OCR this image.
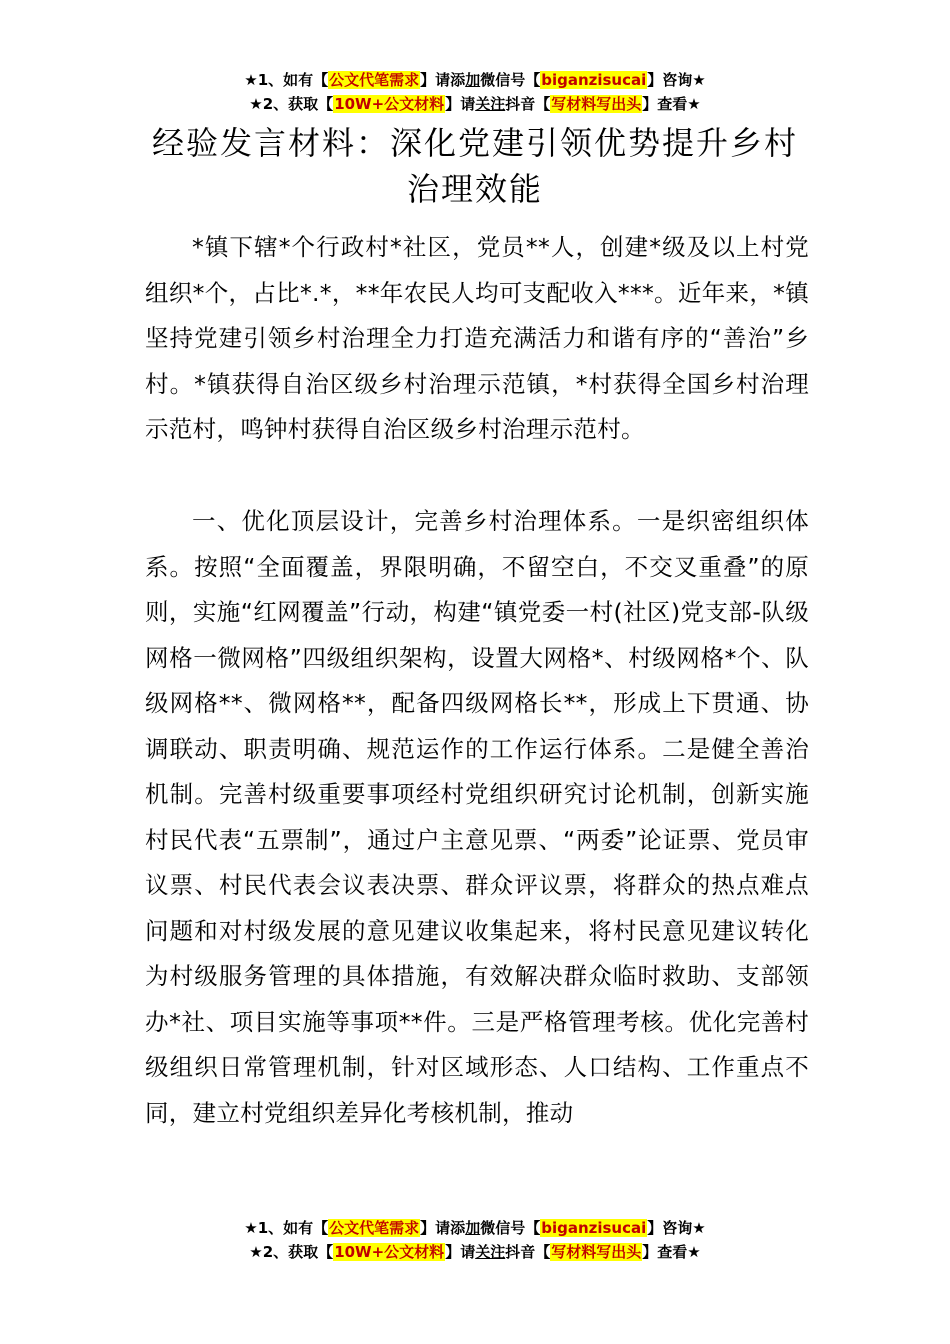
★1、如有【公文代笔需求】请添加微信号【biganzisucai】咨询★
★2、获取【10W+公文材料】请关注抖音【写材料写出头】查看★
经验发言材料：深化党建引领优势提升乡村治理效能

*镇下辖*个行政村*社区，党员**人，创建*级及以上村党组织*个，占比*.*，**年农民人均可支配收入***。近年来，*镇坚持党建引领乡村治理全力打造充满活力和谐有序的“善治”乡村。*镇获得自治区级乡村治理示范镇，*村获得全国乡村治理示范村，鸣钟村获得自治区级乡村治理示范村。

一、优化顶层设计，完善乡村治理体系。一是织密组织体系。按照“全面覆盖，界限明确，不留空白，不交叉重叠”的原则，实施“红网覆盖”行动，构建“镇党委一村(社区)党支部-队级网格一微网格”四级组织架构，设置大网格*、村级网格*个、队级网格**、微网格**，配备四级网格长**，形成上下贯通、协调联动、职责明确、规范运作的工作运行体系。二是健全善治机制。完善村级重要事项经村党组织研究讨论机制，创新实施村民代表“五票制”，通过户主意见票、“两委”论证票、党员审议票、村民代表会议表决票、群众评议票，将群众的热点难点问题和对村级发展的意见建议收集起来，将村民意见建议转化为村级服务管理的具体措施，有效解决群众临时救助、支部领办*社、项目实施等事项**件。三是严格管理考核。优化完善村级组织日常管理机制，针对区域形态、人口结构、工作重点不同，建立村党组织差异化考核机制，推动

★1、如有【公文代笔需求】请添加微信号【biganzisucai】咨询★
★2、获取【10W+公文材料】请关注抖音【写材料写出头】查看★
